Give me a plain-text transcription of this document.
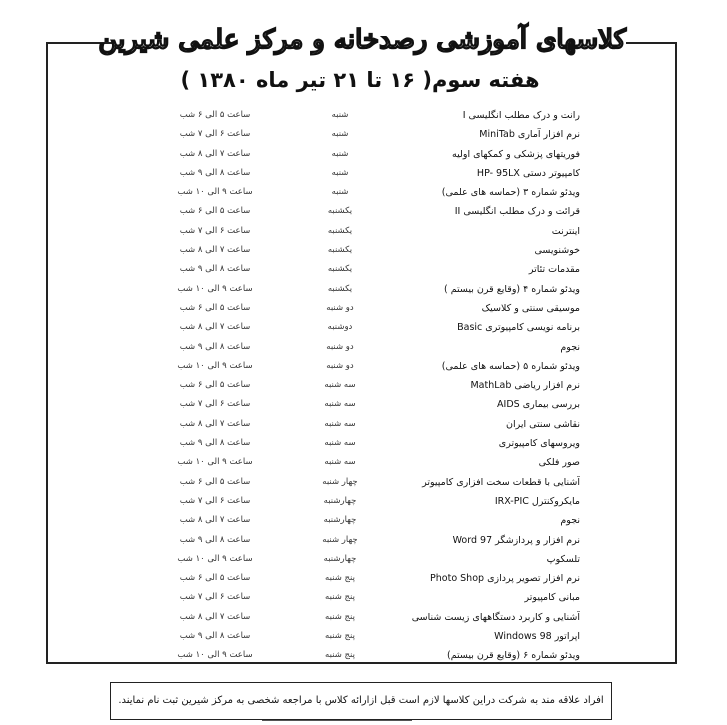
کلاسهای آموزشی رصدخانه و مرکز علمی شیرین
هفته سوم( ۱۶ تا ۲۱ تیر ماه ۱۳۸۰ )
ساعت ۵ الی ۶ شب	شنبه	رانت و درک مطلب انگلیسی I
ساعت ۶ الی ۷ شب	شنبه	نرم افزار آماری MiniTab
ساعت ۷ الی ۸ شب	شنبه	فوریتهای پزشکی و کمکهای اولیه
ساعت ۸ الی ۹ شب	شنبه	کامپیوتر دستی HP- 95LX
ساعت ۹ الی ۱۰ شب	شنبه	ویدئو شماره ۳ (حماسه های علمی)
ساعت ۵ الی ۶ شب	یکشنبه	قرائت و درک مطلب انگلیسی II
ساعت ۶ الی ۷ شب	یکشنبه	اینترنت
ساعت ۷ الی ۸ شب	یکشنبه	خوشنویسی
ساعت ۸ الی ۹ شب	یکشنبه	مقدمات تئاتر
ساعت ۹ الی ۱۰ شب	یکشنبه	ویدئو شماره ۴ (وقایع قرن بیستم )
ساعت ۵ الی ۶ شب	دو شنبه	موسیقی سنتی و کلاسیک
ساعت ۷ الی ۸ شب	دوشنبه	برنامه نویسی کامپیوتری Basic
ساعت ۸ الی ۹ شب	دو شنبه	نجوم
ساعت ۹ الی ۱۰ شب	دو شنبه	ویدئو شماره ۵ (حماسه های علمی)
ساعت ۵ الی ۶ شب	سه شنبه	نرم افزار ریاضی MathLab
ساعت ۶ الی ۷ شب	سه شنبه	بررسی بیماری AIDS
ساعت ۷ الی ۸ شب	سه شنبه	نقاشی سنتی ایران
ساعت ۸ الی ۹ شب	سه شنبه	ویروسهای کامپیوتری
ساعت ۹ الی ۱۰ شب	سه شنبه	صور فلکی
ساعت ۵ الی ۶ شب	چهار شنبه	آشنایی با قطعات سخت افزاری کامپیوتر
ساعت ۶ الی ۷ شب	چهارشنبه	مایکروکنترل IRX-PIC
ساعت ۷ الی ۸ شب	چهارشنبه	نجوم
ساعت ۸ الی ۹ شب	چهار شنبه	نرم افزار و پردازشگر Word 97
ساعت ۹ الی ۱۰ شب	چهارشنبه	تلسکوپ
ساعت ۵ الی ۶ شب	پنج شنبه	نرم افزار تصویر پردازی Photo Shop
ساعت ۶ الی ۷ شب	پنج شنبه	مبانی کامپیوتر
ساعت ۷ الی ۸ شب	پنج شنبه	آشنایی و کاربرد دستگاههای زیست شناسی
ساعت ۸ الی ۹ شب	پنج شنبه	اپراتور Windows 98
ساعت ۹ الی ۱۰ شب	پنج شنبه	ویدئو شماره ۶ (وقایع قرن بیستم)
افراد علاقه مند به شرکت دراین کلاسها لازم است قبل ازارائه کلاس با مراجعه شخصی به مرکز شیرین ثبت نام نمایند.
